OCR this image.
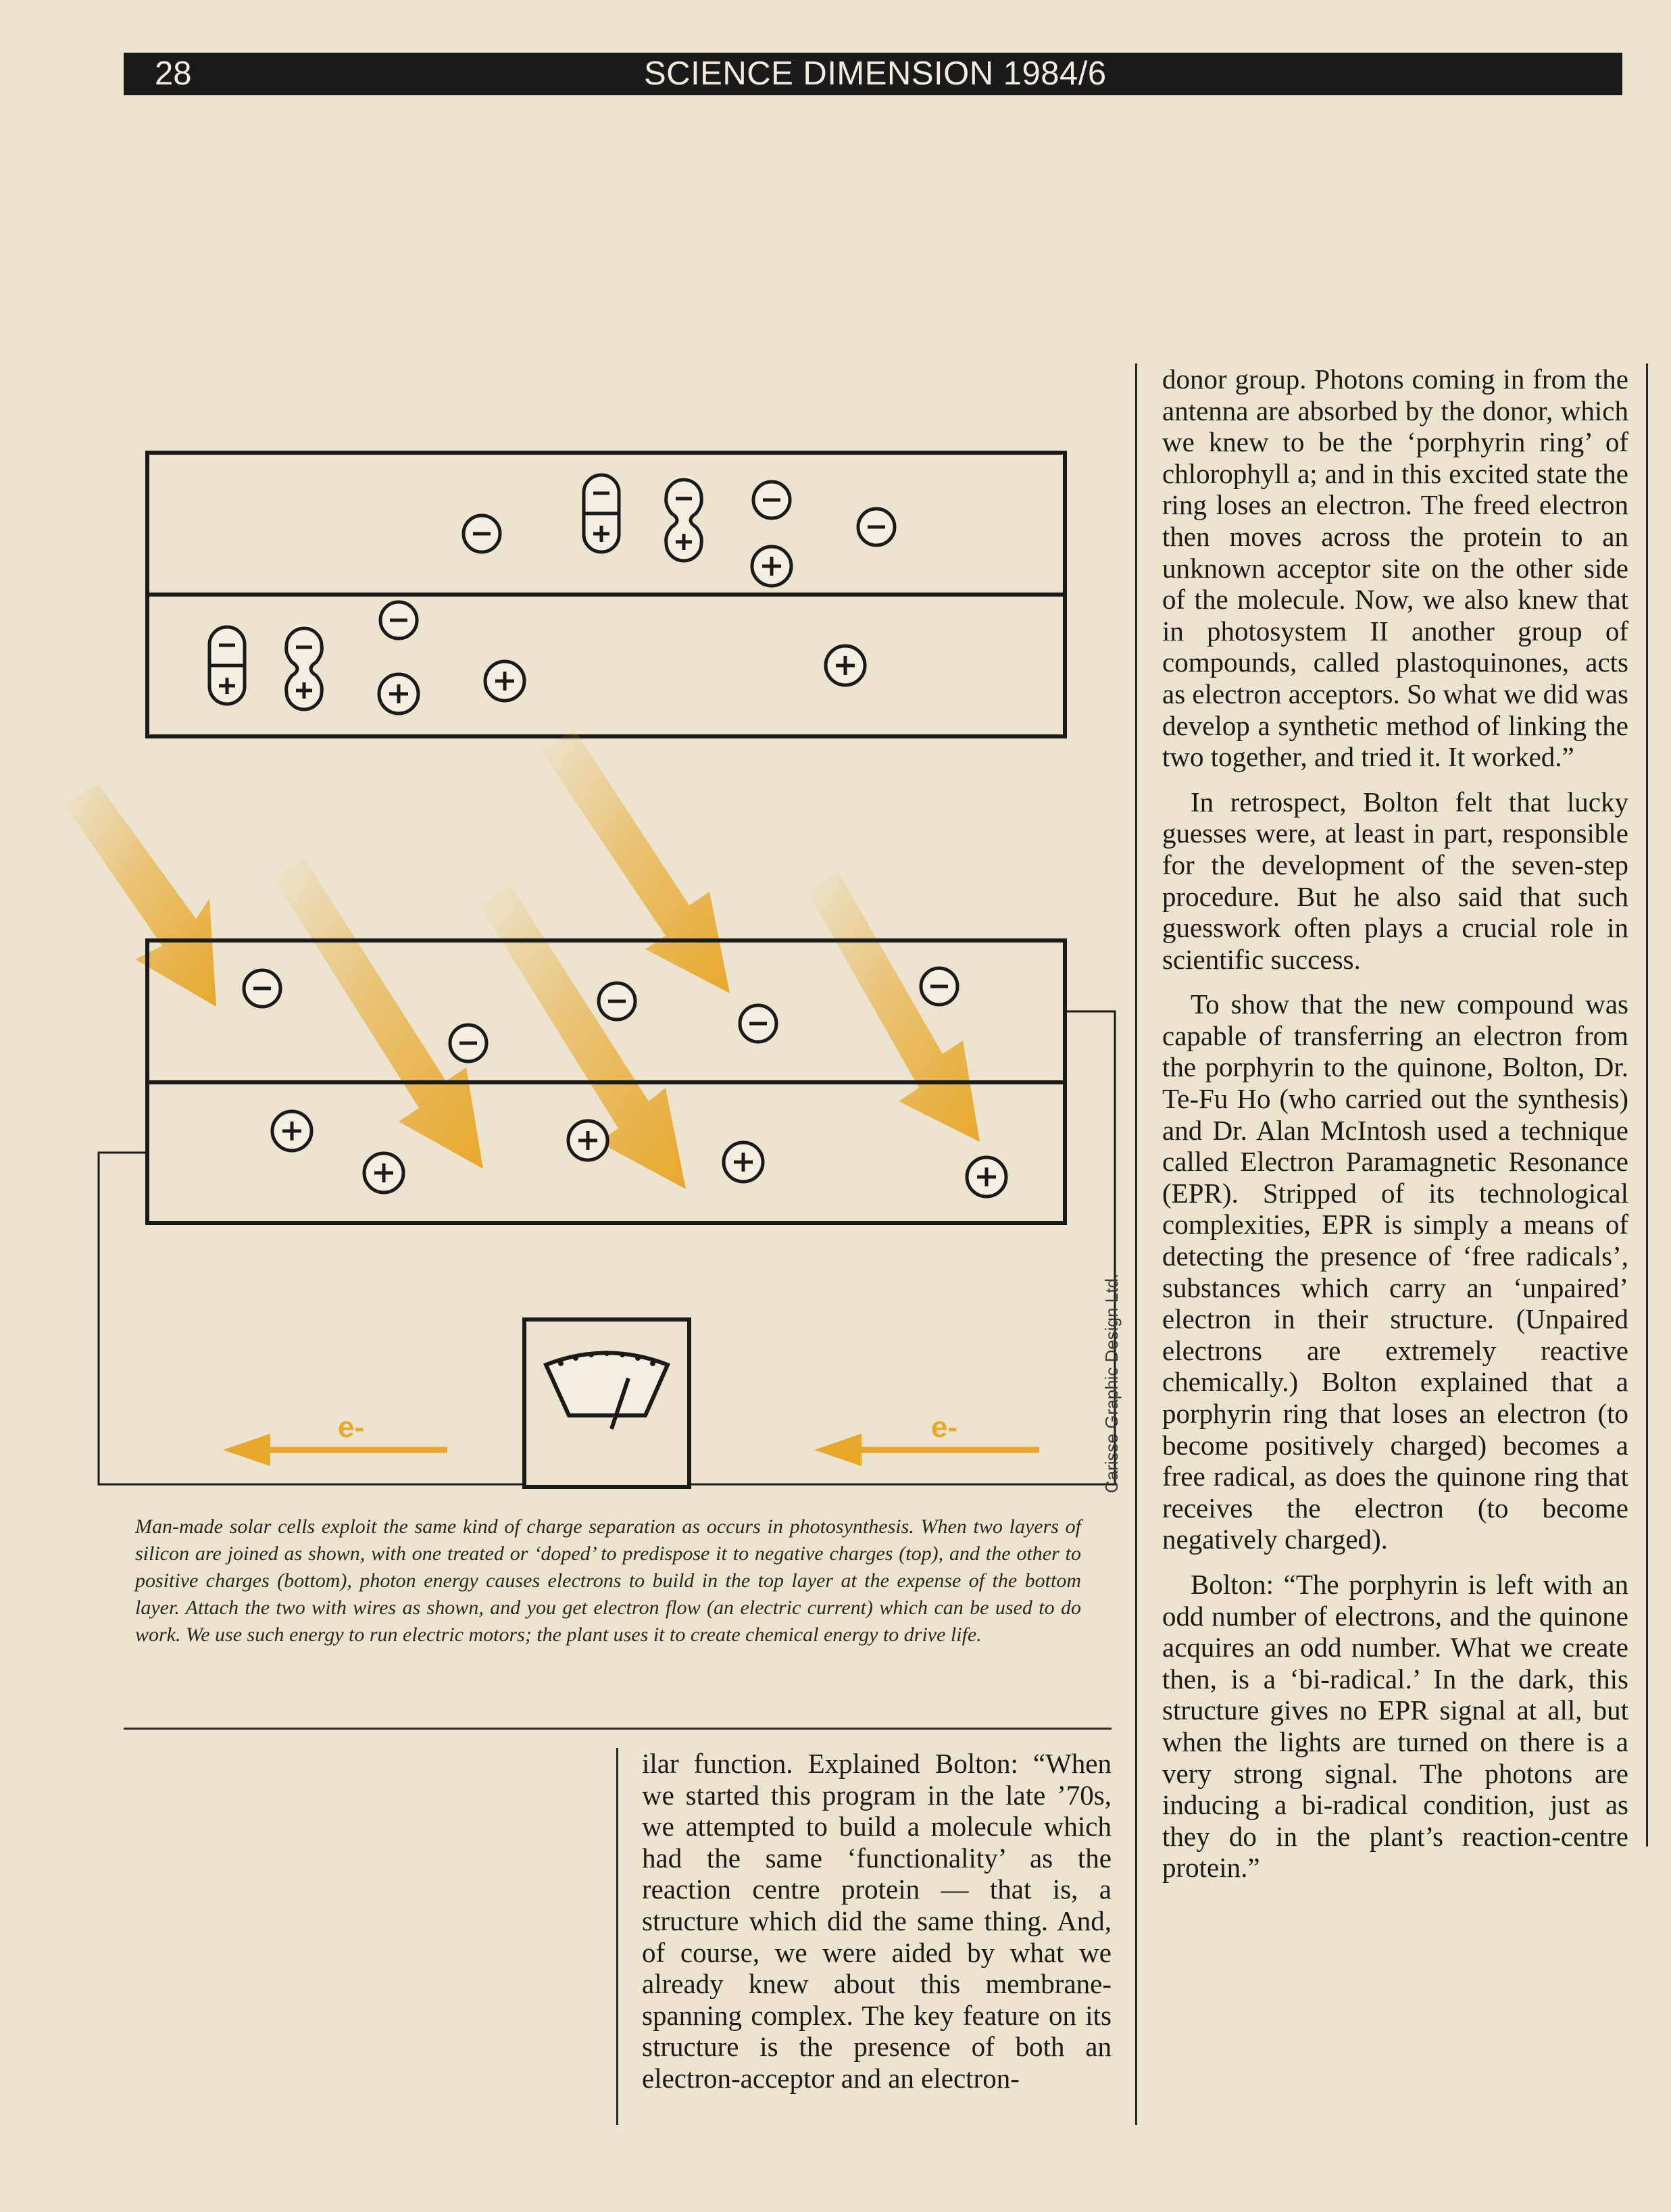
28	SCIENCE DIMENSION 1984/6
e-	e-	Carisse Graphic Design Ltd.
Man-made solar cells exploit the same kind of charge separation as occurs in photosynthesis. When two layers of silicon are joined as shown, with one treated or ‘doped’ to predispose it to negative charges (top), and the other to positive charges (bottom), photon energy causes electrons to build in the top layer at the expense of the bottom layer. Attach the two with wires as shown, and you get electron flow (an electric current) which can be used to do work. We use such energy to run electric motors; the plant uses it to create chemical energy to drive life.

ilar function. Explained Bolton: “When we started this program in the late ’70s, we attempted to build a molecule which had the same ‘functionality’ as the reaction centre protein — that is, a structure which did the same thing. And, of course, we were aided by what we already knew about this membrane-spanning complex. The key feature on its structure is the presence of both an electron-acceptor and an electron-

donor group. Photons coming in from the antenna are absorbed by the donor, which we knew to be the ‘porphyrin ring’ of chlorophyll a; and in this excited state the ring loses an electron. The freed electron then moves across the protein to an unknown acceptor site on the other side of the molecule. Now, we also knew that in photosystem II another group of compounds, called plastoquinones, acts as electron acceptors. So what we did was develop a synthetic method of linking the two together, and tried it. It worked.”

In retrospect, Bolton felt that lucky guesses were, at least in part, responsible for the development of the seven-step procedure. But he also said that such guesswork often plays a crucial role in scientific success.

To show that the new compound was capable of transferring an electron from the porphyrin to the quinone, Bolton, Dr. Te-Fu Ho (who carried out the synthesis) and Dr. Alan McIntosh used a technique called Electron Paramagnetic Resonance (EPR). Stripped of its technological complexities, EPR is simply a means of detecting the presence of ‘free radicals’, substances which carry an ‘unpaired’ electron in their structure. (Unpaired electrons are extremely reactive chemically.) Bolton explained that a porphyrin ring that loses an electron (to become positively charged) becomes a free radical, as does the quinone ring that receives the electron (to become negatively charged).

Bolton: “The porphyrin is left with an odd number of electrons, and the quinone acquires an odd number. What we create then, is a ‘bi-radical.’ In the dark, this structure gives no EPR signal at all, but when the lights are turned on there is a very strong signal. The photons are inducing a bi-radical condition, just as they do in the plant’s reaction-centre protein.”
